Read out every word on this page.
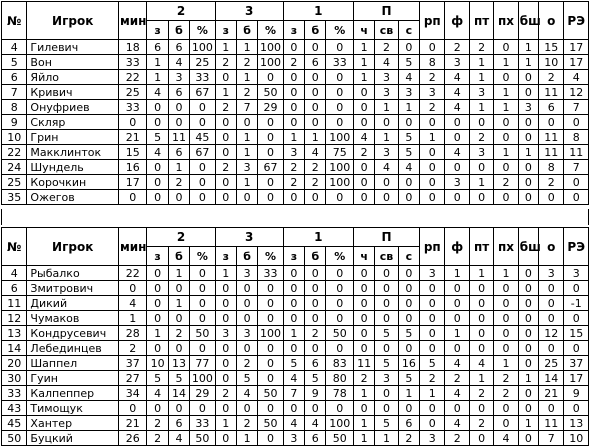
№	Игрок	мин	2			3			1			П			рп	ф	пт	пх	бш	о	РЭ
			з	б	%	з	б	%	з	б	%	ч	св	с							
4	Гилевич	18	6	6	100	1	1	100	0	0	0	1	2	0	0	2	2	0	1	15	17
5	Вон	33	1	4	25	2	2	100	2	6	33	1	4	5	8	3	1	1	1	10	17
6	Яйло	22	1	3	33	0	1	0	0	0	0	1	3	4	2	4	1	0	0	2	4
7	Кривич	25	4	6	67	1	2	50	0	0	0	0	3	3	3	4	3	1	0	11	12
8	Онуфриев	33	0	0	0	2	7	29	0	0	0	0	1	1	2	4	1	1	3	6	7
9	Скляр	0	0	0	0	0	0	0	0	0	0	0	0	0	0	0	0	0	0	0	0
10	Грин	21	5	11	45	0	1	0	1	1	100	4	1	5	1	0	2	0	0	11	8
22	Макклинток	15	4	6	67	0	1	0	3	4	75	2	3	5	0	4	3	1	1	11	11
24	Шундель	16	0	1	0	2	3	67	2	2	100	0	4	4	0	0	0	0	0	8	7
25	Корочкин	17	0	2	0	0	1	0	2	2	100	0	0	0	0	3	1	2	0	2	0
35	Ожегов	0	0	0	0	0	0	0	0	0	0	0	0	0	0	0	0	0	0	0	0
№	Игрок	мин	2			3			1			П			рп	ф	пт	пх	бш	о	РЭ
			з	б	%	з	б	%	з	б	%	ч	св	с							
4	Рыбалко	22	0	1	0	1	3	33	0	0	0	0	0	0	3	1	1	1	0	3	3
6	Змитрович	0	0	0	0	0	0	0	0	0	0	0	0	0	0	0	0	0	0	0	0
11	Дикий	4	0	1	0	0	0	0	0	0	0	0	0	0	0	0	0	0	0	0	-1
12	Чумаков	1	0	0	0	0	0	0	0	0	0	0	0	0	0	0	0	0	0	0	0
13	Кондрусевич	28	1	2	50	3	3	100	1	2	50	0	5	5	0	1	0	0	0	12	15
14	Лебединцев	2	0	0	0	0	0	0	0	0	0	0	0	0	0	0	0	0	0	0	0
20	Шаппел	37	10	13	77	0	2	0	5	6	83	11	5	16	5	4	4	1	0	25	37
30	Гуин	27	5	5	100	0	5	0	4	5	80	2	3	5	2	2	1	2	1	14	17
33	Калпеппер	34	4	14	29	2	4	50	7	9	78	1	0	1	1	4	2	2	0	21	9
43	Тимощук	0	0	0	0	0	0	0	0	0	0	0	0	0	0	0	0	0	0	0	0
45	Хантер	21	2	6	33	1	2	50	4	4	100	1	5	6	0	4	2	0	1	11	13
50	Буцкий	26	2	4	50	0	1	0	3	6	50	1	1	2	3	2	0	4	0	7	10
